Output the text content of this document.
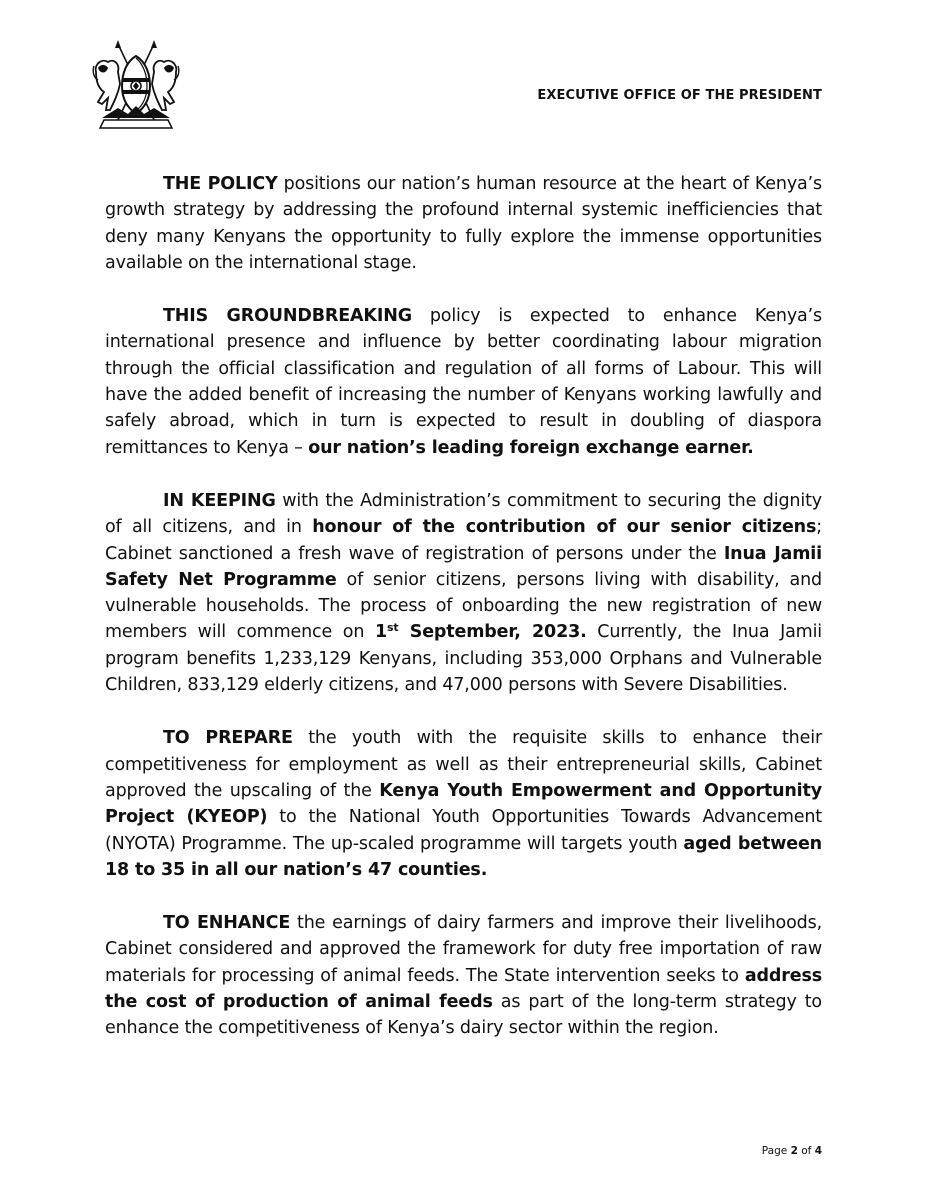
EXECUTIVE OFFICE OF THE PRESIDENT

THE POLICY positions our nation’s human resource at the heart of Kenya’s growth strategy by addressing the profound internal systemic inefficiencies that deny many Kenyans the opportunity to fully explore the immense opportunities available on the international stage.

THIS GROUNDBREAKING policy is expected to enhance Kenya’s international presence and influence by better coordinating labour migration through the official classification and regulation of all forms of Labour. This will have the added benefit of increasing the number of Kenyans working lawfully and safely abroad, which in turn is expected to result in doubling of diaspora remittances to Kenya – our nation’s leading foreign exchange earner.

IN KEEPING with the Administration’s commitment to securing the dignity of all citizens, and in honour of the contribution of our senior citizens; Cabinet sanctioned a fresh wave of registration of persons under the Inua Jamii Safety Net Programme of senior citizens, persons living with disability, and vulnerable households. The process of onboarding the new registration of new members will commence on 1st September, 2023. Currently, the Inua Jamii program benefits 1,233,129 Kenyans, including 353,000 Orphans and Vulnerable Children, 833,129 elderly citizens, and 47,000 persons with Severe Disabilities.

TO PREPARE the youth with the requisite skills to enhance their competitiveness for employment as well as their entrepreneurial skills, Cabinet approved the upscaling of the Kenya Youth Empowerment and Opportunity Project (KYEOP) to the National Youth Opportunities Towards Advancement (NYOTA) Programme. The up-scaled programme will targets youth aged between 18 to 35 in all our nation’s 47 counties.

TO ENHANCE the earnings of dairy farmers and improve their livelihoods, Cabinet considered and approved the framework for duty free importation of raw materials for processing of animal feeds. The State intervention seeks to address the cost of production of animal feeds as part of the long-term strategy to enhance the competitiveness of Kenya’s dairy sector within the region.

Page 2 of 4
